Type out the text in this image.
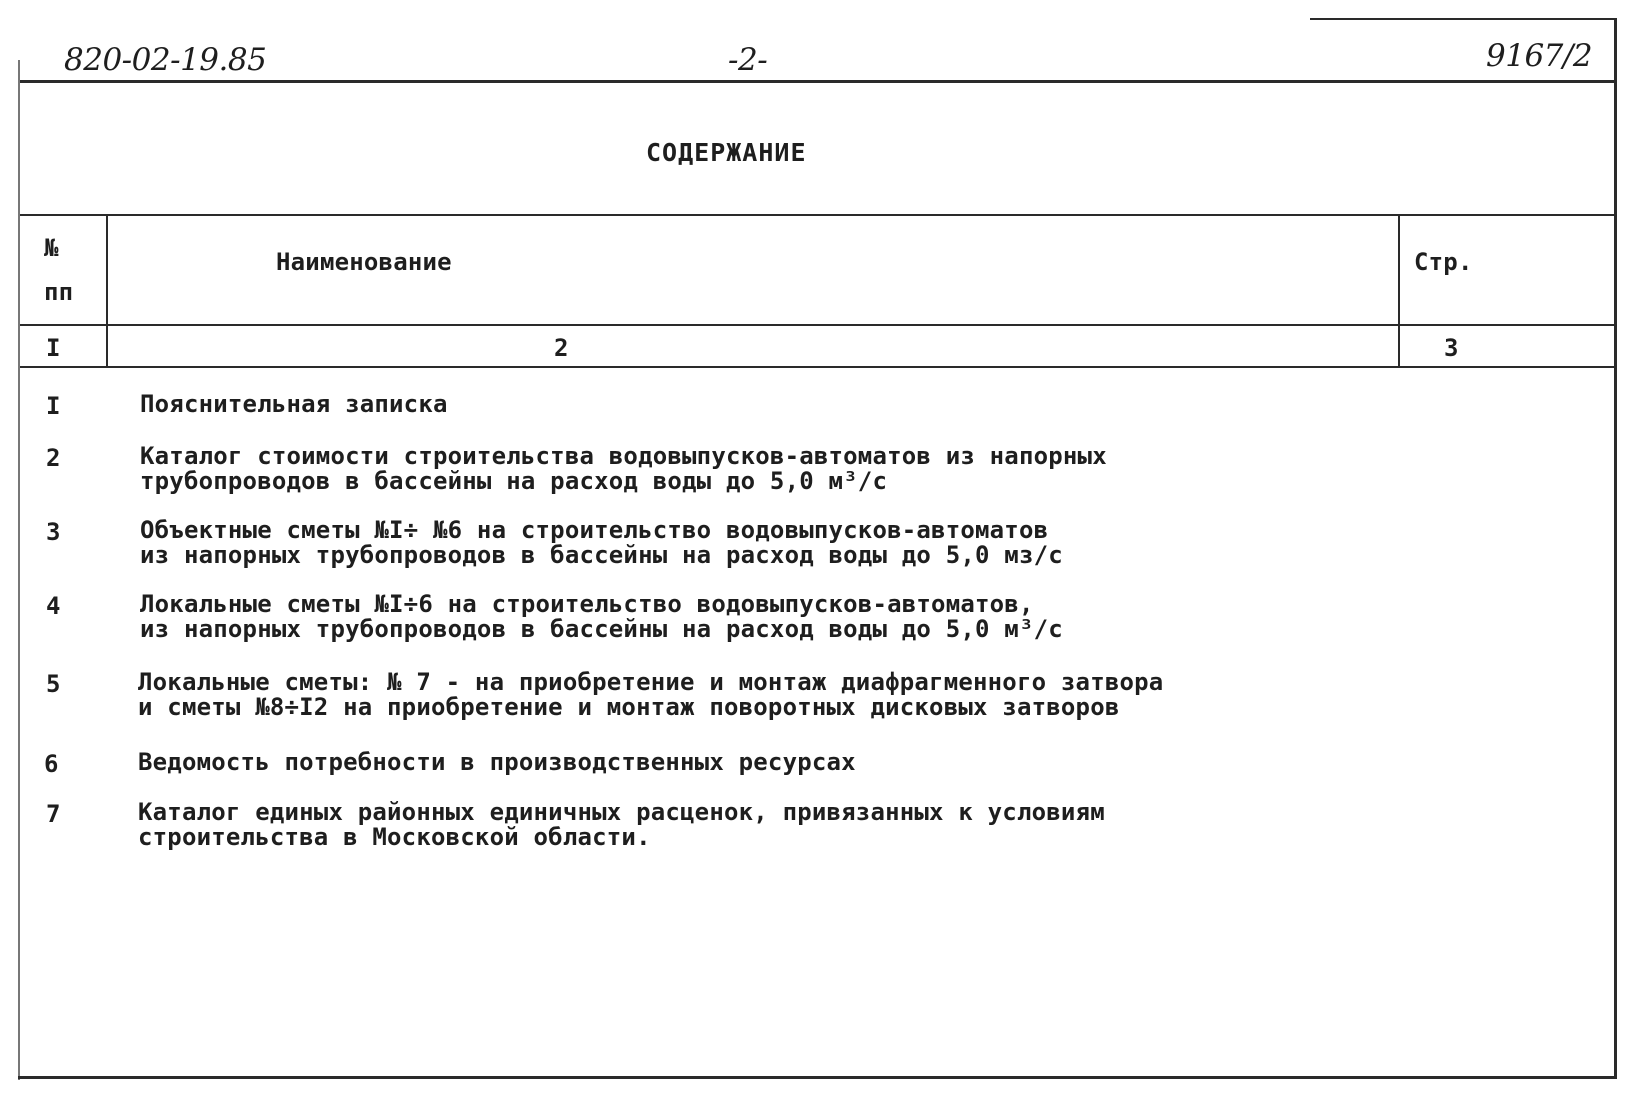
820-02-19.85	-2-	9167/2
СОДЕРЖАНИЕ
№
пп
Наименование	Стр.
I	2	3
I	Пояснительная записка
2	Каталог стоимости строительства водовыпусков-автоматов из напорных
трубопроводов в бассейны на расход воды до 5,0 м³/с
3	Объектные сметы №I÷ №6 на строительство водовыпусков-автоматов
из напорных трубопроводов в бассейны на расход воды до 5,0 мз/с
4	Локальные сметы №I÷6 на строительство водовыпусков-автоматов,
из напорных трубопроводов в бассейны на расход воды до 5,0 м³/с
5	Локальные сметы: № 7 - на приобретение и монтаж диафрагменного затвора
и сметы №8÷I2 на приобретение и монтаж поворотных дисковых затворов
6	Ведомость потребности в производственных ресурсах
7	Каталог единых районных единичных расценок, привязанных к условиям
строительства в Московской области.
